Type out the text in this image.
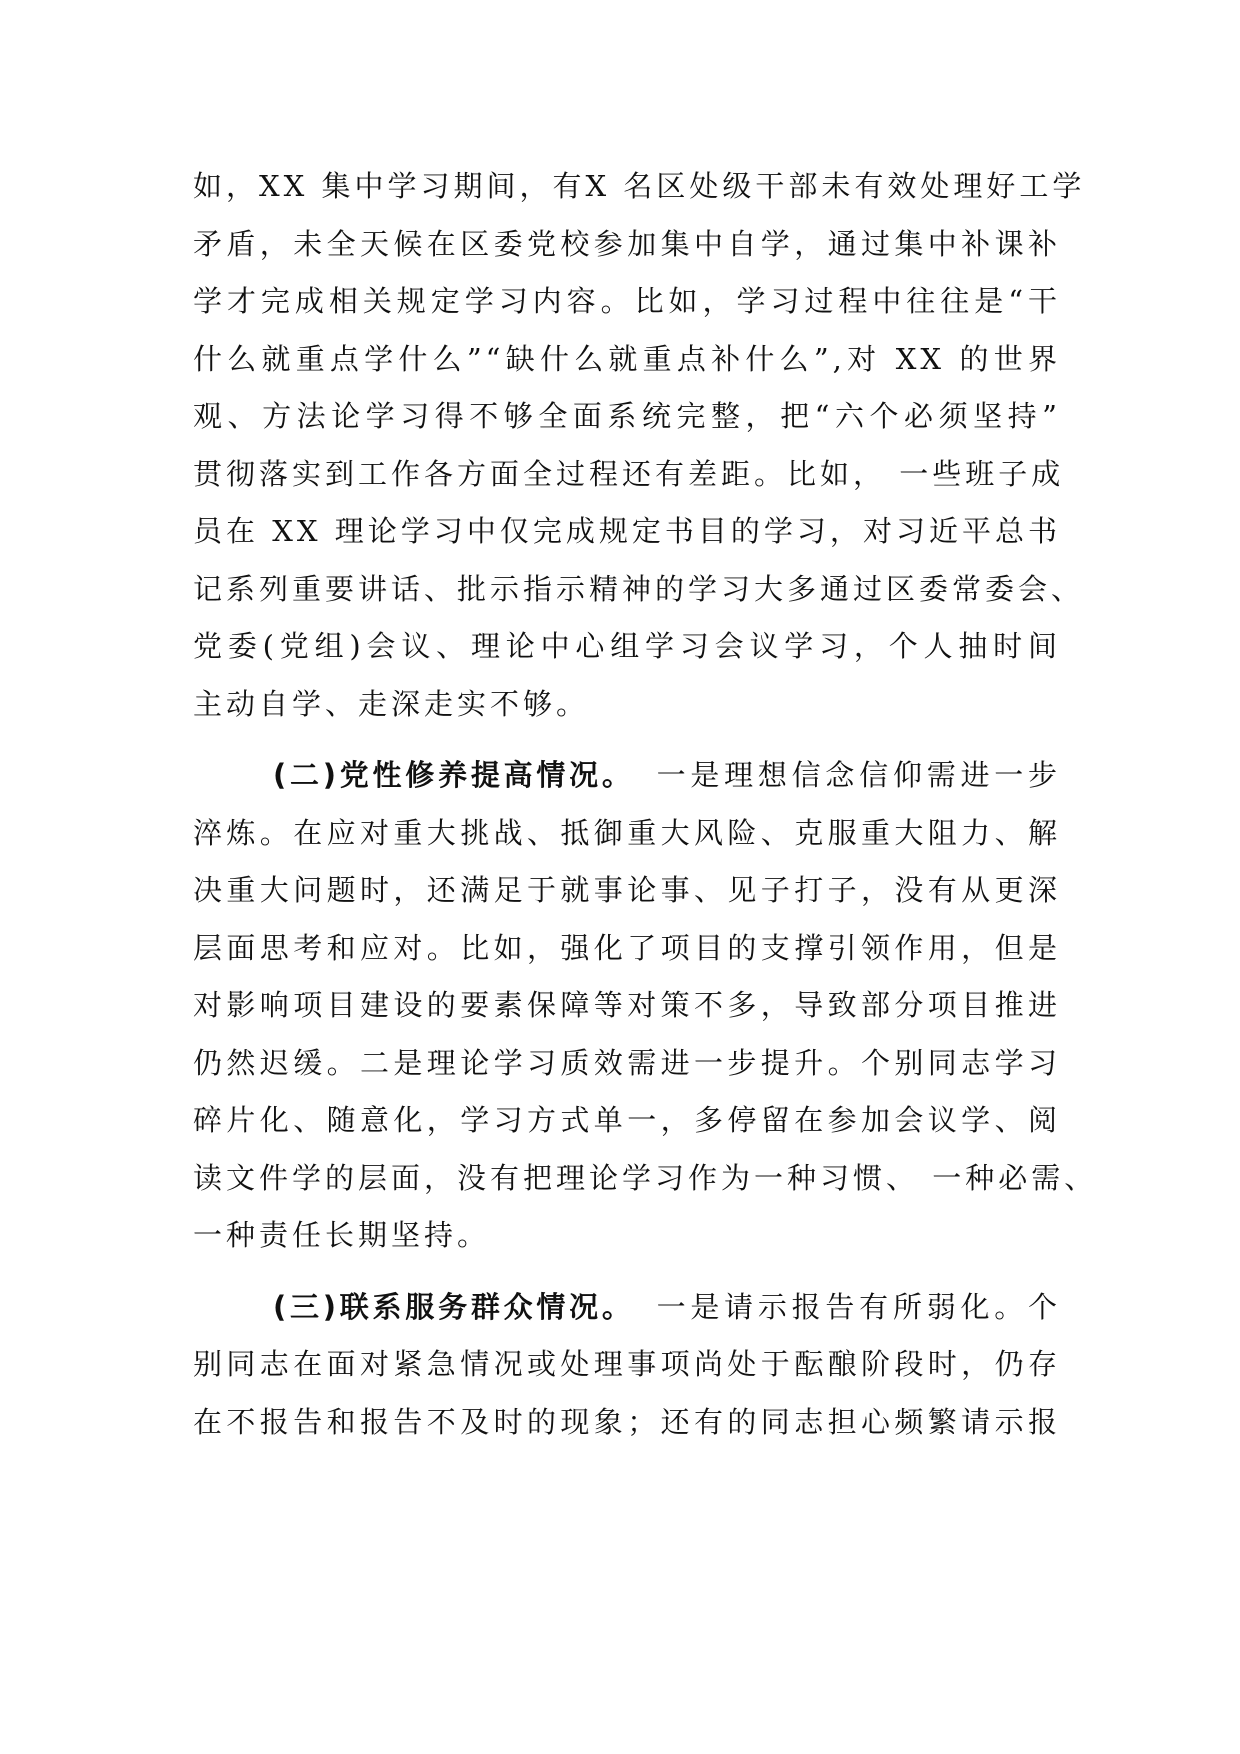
如，XX 集中学习期间，有X 名区处级干部未有效处理好工学
矛盾，未全天候在区委党校参加集中自学，通过集中补课补
学才完成相关规定学习内容。比如，学习过程中往往是“干
什么就重点学什么”“缺什么就重点补什么”,对 XX 的世界
观、方法论学习得不够全面系统完整，把“六个必须坚持”
贯彻落实到工作各方面全过程还有差距。比如， 一些班子成
员在 XX 理论学习中仅完成规定书目的学习，对习近平总书
记系列重要讲话、批示指示精神的学习大多通过区委常委会、
党委(党组)会议、理论中心组学习会议学习，个人抽时间
主动自学、走深走实不够。
(二)党性修养提高情况。 一是理想信念信仰需进一步
淬炼。在应对重大挑战、抵御重大风险、克服重大阻力、解
决重大问题时，还满足于就事论事、见子打子，没有从更深
层面思考和应对。比如，强化了项目的支撑引领作用，但是
对影响项目建设的要素保障等对策不多，导致部分项目推进
仍然迟缓。二是理论学习质效需进一步提升。个别同志学习
碎片化、随意化，学习方式单一，多停留在参加会议学、阅
读文件学的层面，没有把理论学习作为一种习惯、 一种必需、
一种责任长期坚持。
(三)联系服务群众情况。 一是请示报告有所弱化。个
别同志在面对紧急情况或处理事项尚处于酝酿阶段时，仍存
在不报告和报告不及时的现象；还有的同志担心频繁请示报
